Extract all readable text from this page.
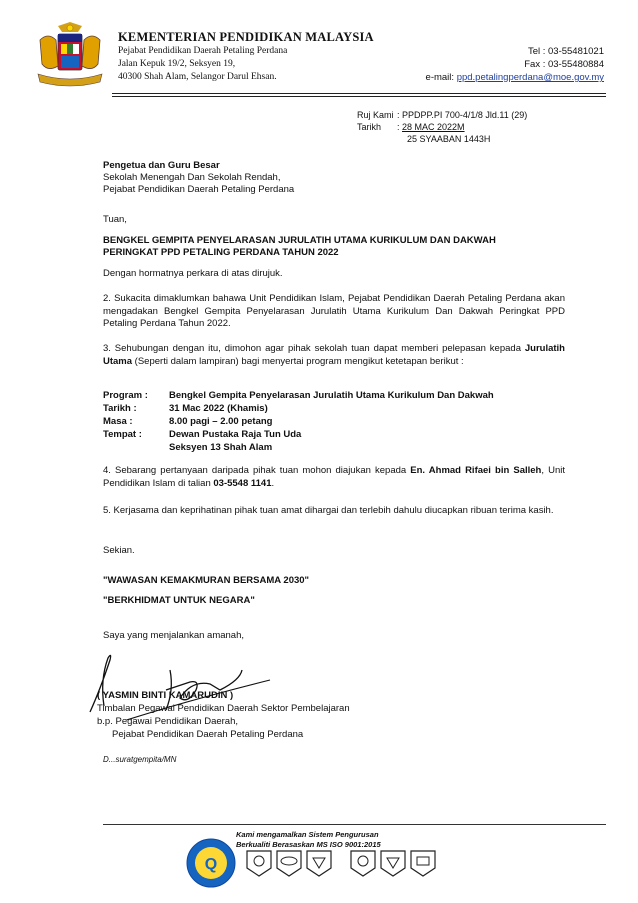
KEMENTERIAN PENDIDIKAN MALAYSIA
Pejabat Pendidikan Daerah Petaling Perdana
Jalan Kepuk 19/2, Seksyen 19,
40300 Shah Alam, Selangor Darul Ehsan.
Tel : 03-55481021
Fax : 03-55480884
e-mail: ppd.petalingperdana@moe.gov.my
Ruj Kami : PPDPP.PI 700-4/1/8 Jld.11 (29)
Tarikh : 28 MAC 2022M
25 SYAABAN 1443H
Pengetua dan Guru Besar
Sekolah Menengah Dan Sekolah Rendah,
Pejabat Pendidikan Daerah Petaling Perdana
Tuan,
BENGKEL GEMPITA PENYELARASAN JURULATIH UTAMA KURIKULUM DAN DAKWAH
PERINGKAT PPD PETALING PERDANA TAHUN 2022
Dengan hormatnya perkara di atas dirujuk.
2. Sukacita dimaklumkan bahawa Unit Pendidikan Islam, Pejabat Pendidikan Daerah Petaling Perdana akan mengadakan Bengkel Gempita Penyelarasan Jurulatih Utama Kurikulum Dan Dakwah Peringkat PPD Petaling Perdana Tahun 2022.
3. Sehubungan dengan itu, dimohon agar pihak sekolah tuan dapat memberi pelepasan kepada Jurulatih Utama (Seperti dalam lampiran) bagi menyertai program mengikut ketetapan berikut :
Program : Bengkel Gempita Penyelarasan Jurulatih Utama Kurikulum Dan Dakwah
Tarikh :	31 Mac 2022 (Khamis)
Masa :	8.00 pagi – 2.00 petang
Tempat :	Dewan Pustaka Raja Tun Uda
Seksyen 13 Shah Alam
4. Sebarang pertanyaan daripada pihak tuan mohon diajukan kepada En. Ahmad Rifaei bin Salleh, Unit Pendidikan Islam di talian 03-5548 1141.
5. Kerjasama dan keprihatinan pihak tuan amat dihargai dan terlebih dahulu diucapkan ribuan terima kasih.
Sekian.
"WAWASAN KEMAKMURAN BERSAMA 2030"
"BERKHIDMAT UNTUK NEGARA"
Saya yang menjalankan amanah,
( YASMIN BINTI KAMARUDIN )
Timbalan Pegawai Pendidikan Daerah Sektor Pembelajaran
b.p. Pegawai Pendidikan Daerah,
Pejabat Pendidikan Daerah Petaling Perdana
D...suratgempita/MN
Kami mengamalkan Sistem Pengurusan
Berkualiti Berasaskan MS ISO 9001:2015
Q
